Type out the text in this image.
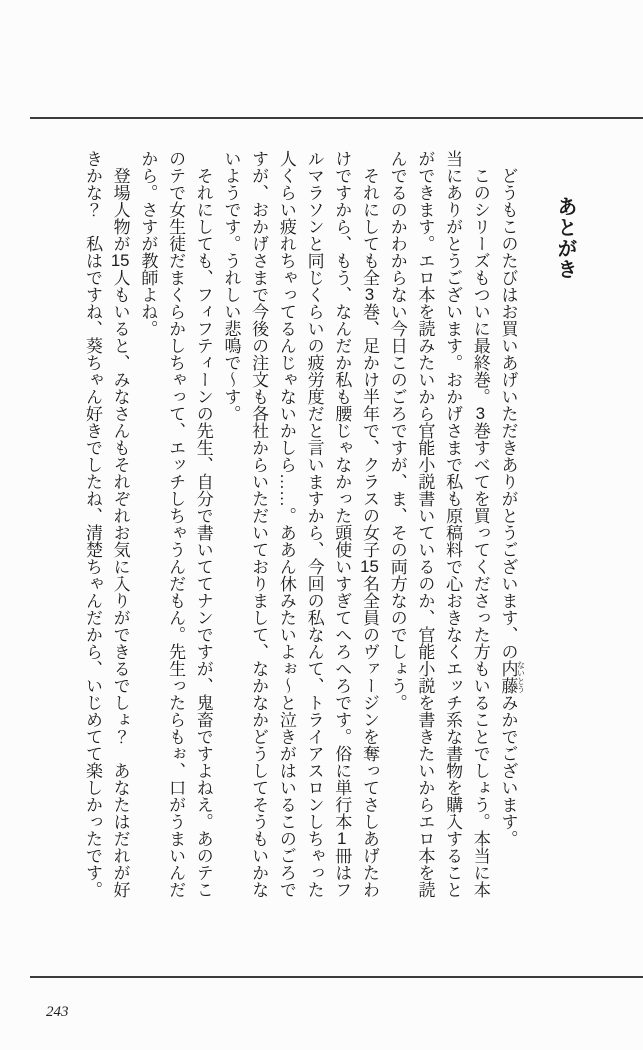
あとがき
　どうもこのたびはお買いあげいただきありがとうございます、の内藤 ないとうみかでございます。
　このシリーズもついに最終巻。3巻すべてを買ってくださった方もいることでしょう。本当に本
当にありがとうございます。おかげさまで私も原稿料で心おきなくエッチ系な書物を購入すること
ができます。エロ本を読みたいから官能小説書いているのか、官能小説を書きたいからエロ本を読
んでるのかわからない今日このごろですが、ま、その両方なのでしょう。
　それにしても全3巻、足かけ半年で、クラスの女子15名全員のヴァージンを奪ってさしあげたわ
けですから、もう、なんだか私も腰じゃなかった頭使いすぎてへろへろです。俗に単行本1冊はフ
ルマラソンと同じくらいの疲労度だと言いますから、今回の私なんて、トライアスロンしちゃった
人くらい疲れちゃってるんじゃないかしら……。ああん休みたいよぉ〜と泣きがはいるこのごろで
すが、おかげさまで今後の注文も各社からいただいておりまして、なかなかどうしてそうもいかな
いようです。うれしい悲鳴で〜す。
　それにしても、フィフティーンの先生、自分で書いててナンですが、鬼畜ですよねえ。あのテこ
のテで女生徒だまくらかしちゃって、エッチしちゃうんだもん。先生ったらもぉ、口がうまいんだ
から。さすが教師よね。
　登場人物が15人もいると、みなさんもそれぞれお気に入りができるでしょ？　あなたはだれが好
きかな？　私はですね、葵ちゃん好きでしたね、清楚ちゃんだから、いじめてて楽しかったです。
243
